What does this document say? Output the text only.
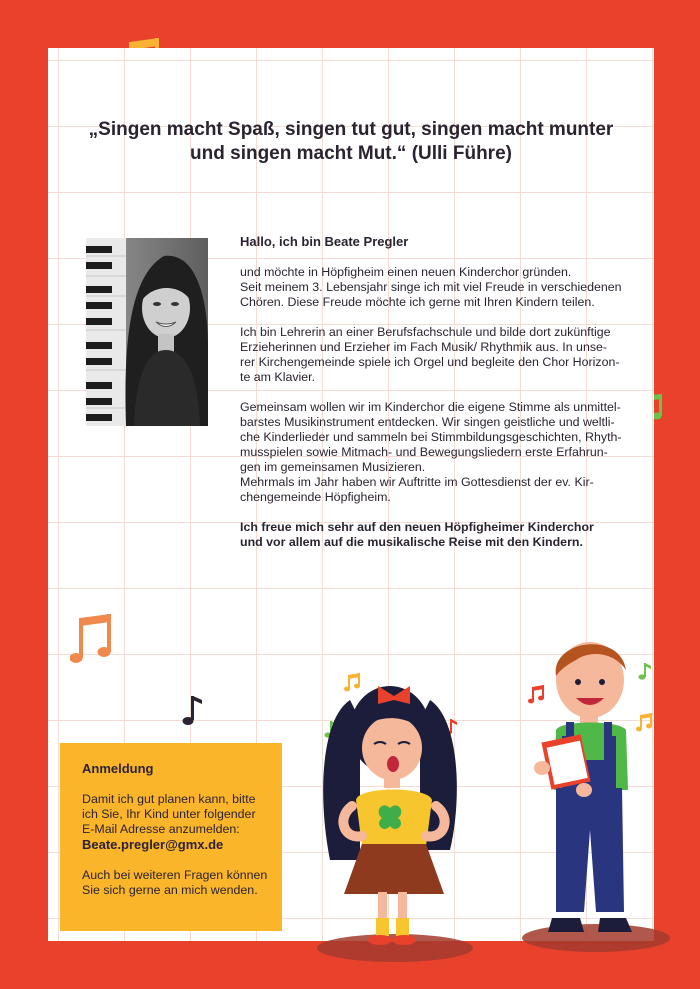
„Singen macht Spaß, singen tut gut, singen macht munter
und singen macht Mut.“ (Ulli Führe)

Hallo, ich bin Beate Pregler

und möchte in Höpfigheim einen neuen Kinderchor gründen.
Seit meinem 3. Lebensjahr singe ich mit viel Freude in verschiedenen
Chören. Diese Freude möchte ich gerne mit Ihren Kindern teilen.

Ich bin Lehrerin an einer Berufsfachschule und bilde dort zukünftige
Erzieherinnen und Erzieher im Fach Musik/ Rhythmik aus. In unse-
rer Kirchengemeinde spiele ich Orgel und begleite den Chor Horizon-
te am Klavier.

Gemeinsam wollen wir im Kinderchor die eigene Stimme als unmittel-
barstes Musikinstrument entdecken. Wir singen geistliche und weltli-
che Kinderlieder und sammeln bei Stimmbildungsgeschichten, Rhyth-
musspielen sowie Mitmach- und Bewegungsliedern erste Erfahrun-
gen im gemeinsamen Musizieren.
Mehrmals im Jahr haben wir Auftritte im Gottesdienst der ev. Kir-
chengemeinde Höpfigheim.

Ich freue mich sehr auf den neuen Höpfigheimer Kinderchor
und vor allem auf die musikalische Reise mit den Kindern.

Anmeldung

Damit ich gut planen kann, bitte
ich Sie, Ihr Kind unter folgender
E-Mail Adresse anzumelden:
Beate.pregler@gmx.de

Auch bei weiteren Fragen können
Sie sich gerne an mich wenden.
